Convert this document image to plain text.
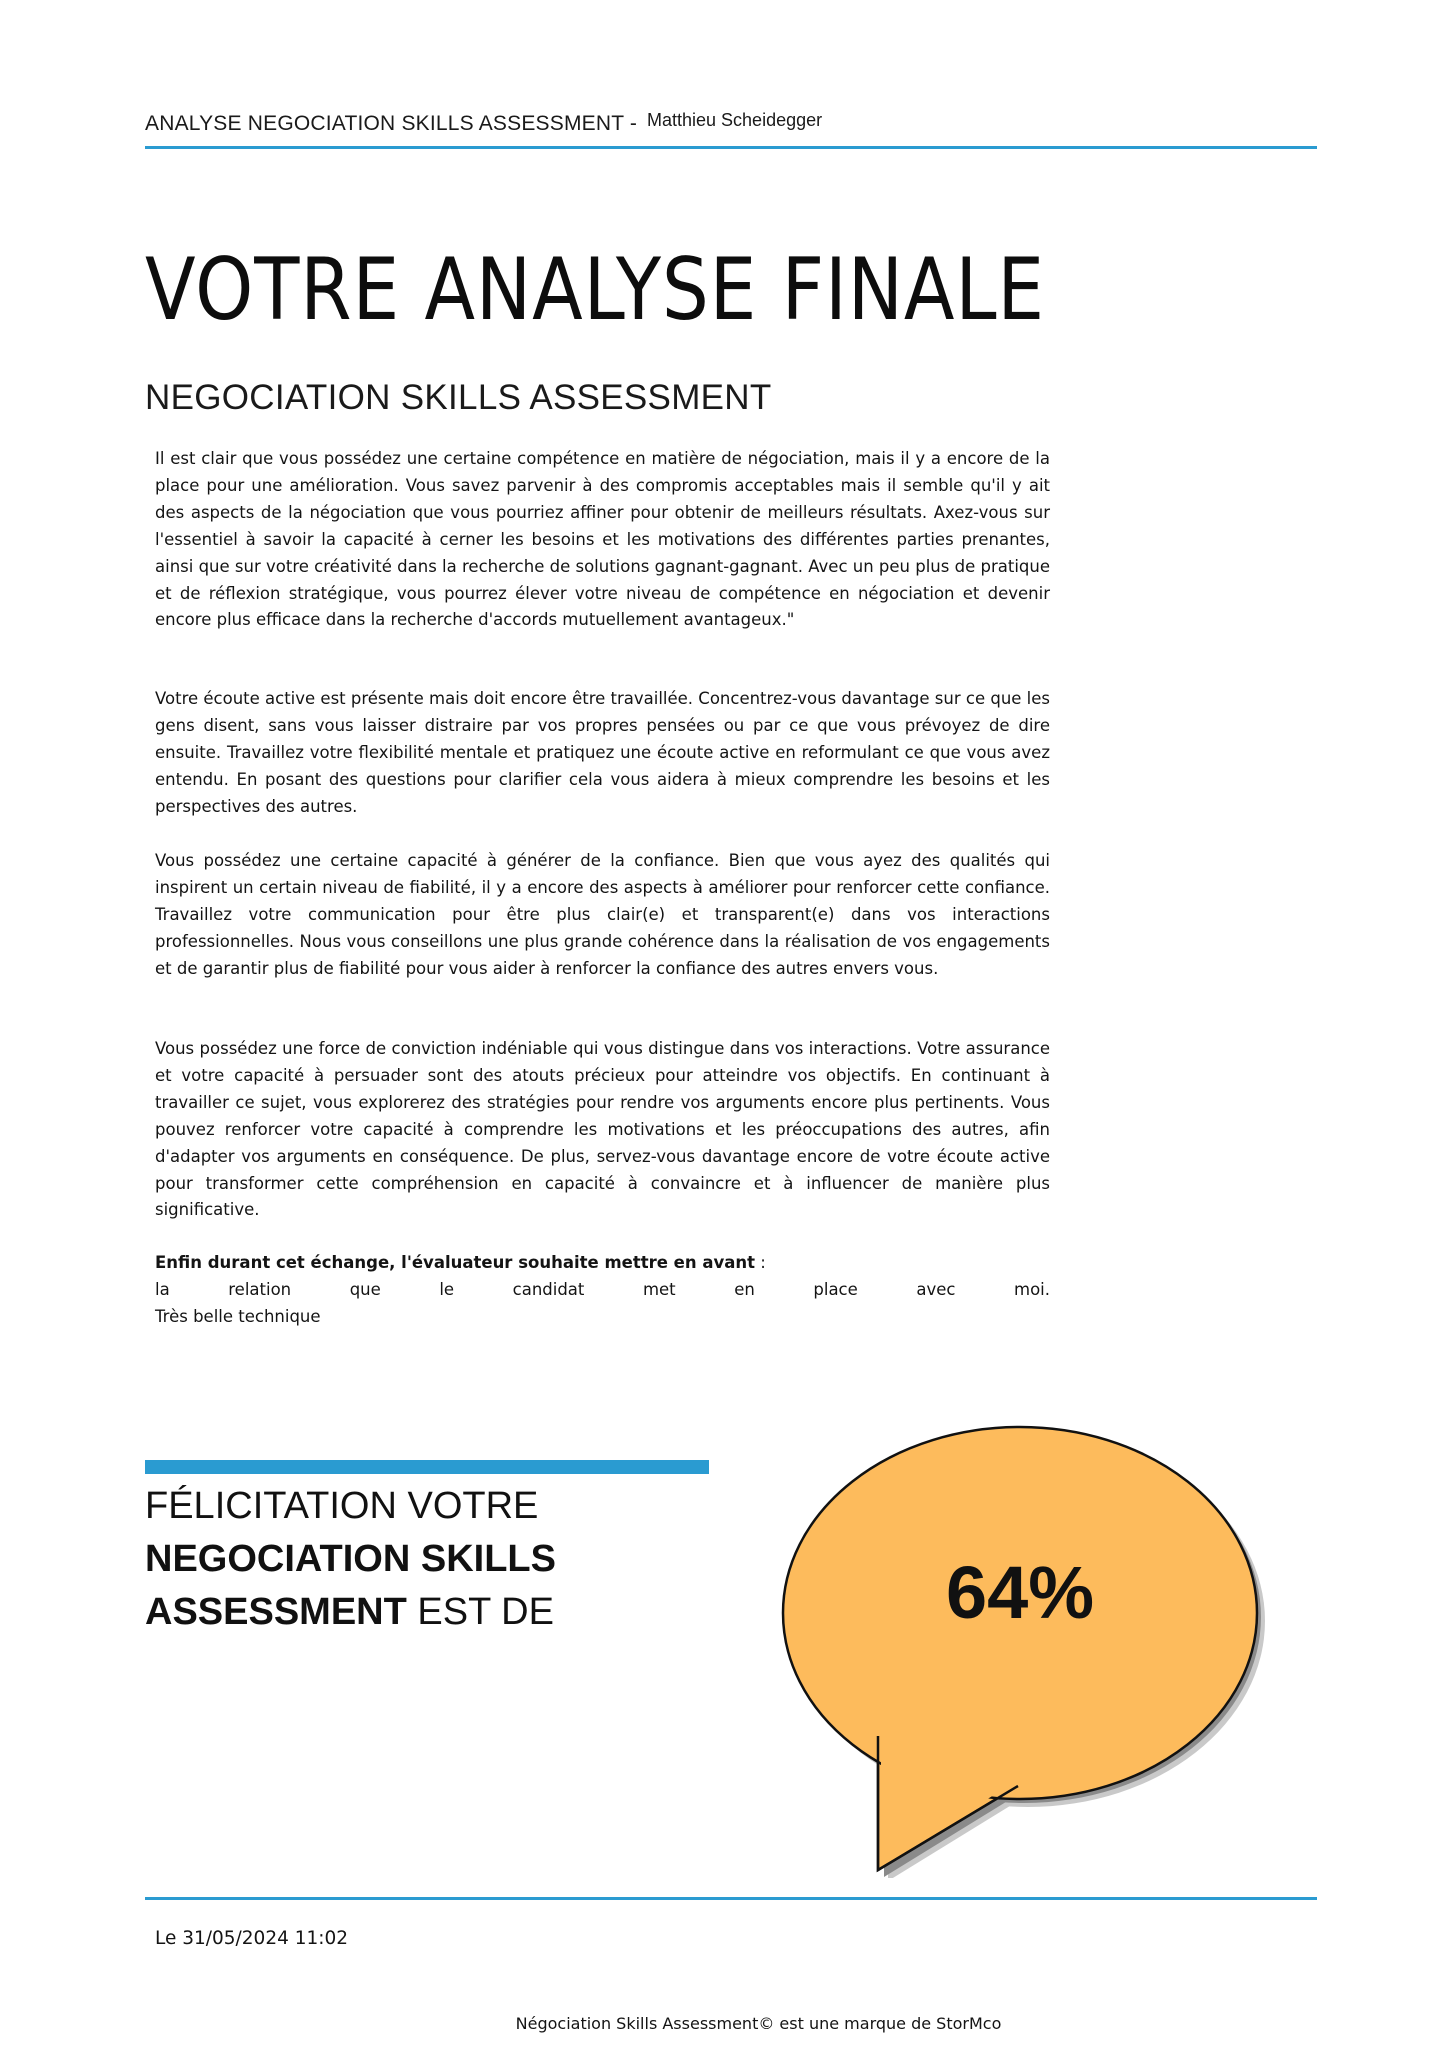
ANALYSE NEGOCIATION SKILLS ASSESSMENT - Matthieu Scheidegger
VOTRE ANALYSE FINALE
NEGOCIATION SKILLS ASSESSMENT
Il est clair que vous possédez une certaine compétence en matière de négociation, mais il y a encore de la place pour une amélioration. Vous savez parvenir à des compromis acceptables mais il semble qu'il y ait des aspects de la négociation que vous pourriez affiner pour obtenir de meilleurs résultats. Axez-vous sur l'essentiel à savoir la capacité à cerner les besoins et les motivations des différentes parties prenantes, ainsi que sur votre créativité dans la recherche de solutions gagnant-gagnant. Avec un peu plus de pratique et de réflexion stratégique, vous pourrez élever votre niveau de compétence en négociation et devenir encore plus efficace dans la recherche d'accords mutuellement avantageux."
Votre écoute active est présente mais doit encore être travaillée. Concentrez-vous davantage sur ce que les gens disent, sans vous laisser distraire par vos propres pensées ou par ce que vous prévoyez de dire ensuite. Travaillez votre flexibilité mentale et pratiquez une écoute active en reformulant ce que vous avez entendu. En posant des questions pour clarifier cela vous aidera à mieux comprendre les besoins et les perspectives des autres.
Vous possédez une certaine capacité à générer de la confiance. Bien que vous ayez des qualités qui inspirent un certain niveau de fiabilité, il y a encore des aspects à améliorer pour renforcer cette confiance. Travaillez votre communication pour être plus clair(e) et transparent(e) dans vos interactions professionnelles. Nous vous conseillons une plus grande cohérence dans la réalisation de vos engagements et de garantir plus de fiabilité pour vous aider à renforcer la confiance des autres envers vous.
Vous possédez une force de conviction indéniable qui vous distingue dans vos interactions. Votre assurance et votre capacité à persuader sont des atouts précieux pour atteindre vos objectifs. En continuant à travailler ce sujet, vous explorerez des stratégies pour rendre vos arguments encore plus pertinents. Vous pouvez renforcer votre capacité à comprendre les motivations et les préoccupations des autres, afin d'adapter vos arguments en conséquence. De plus, servez-vous davantage encore de votre écoute active pour transformer cette compréhension en capacité à convaincre et à influencer de manière plus significative.
Enfin durant cet échange, l'évaluateur souhaite mettre en avant :
la relation que le candidat met en place avec moi.
Très belle technique
FÉLICITATION VOTRE
NEGOCIATION SKILLS
ASSESSMENT EST DE	64%
Le 31/05/2024 11:02
Négociation Skills Assessment© est une marque de StorMco
